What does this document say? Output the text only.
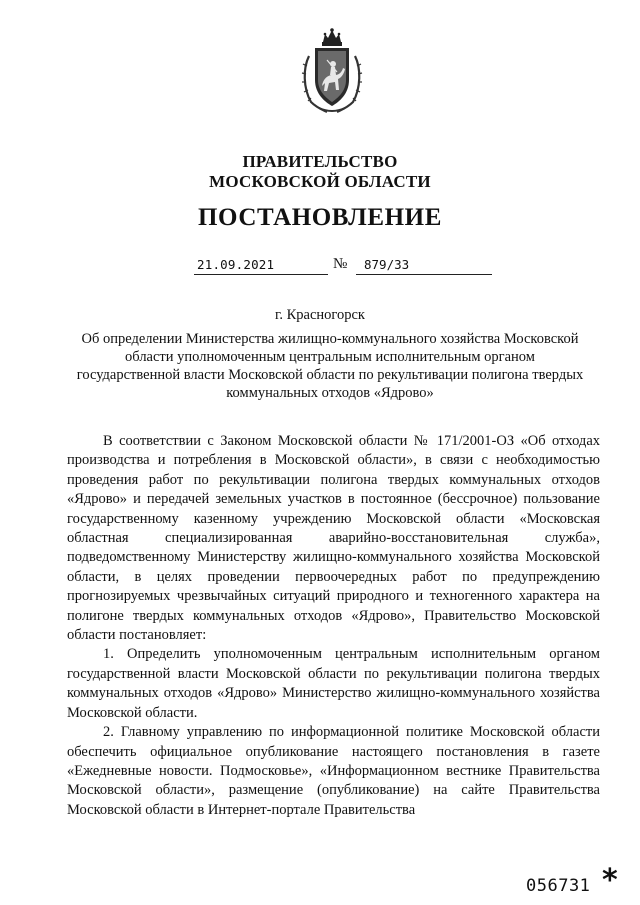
ПРАВИТЕЛЬСТВО
МОСКОВСКОЙ ОБЛАСТИ
ПОСТАНОВЛЕНИЕ
21.09.2021	№ 879/33
г. Красногорск
Об определении Министерства жилищно-коммунального хозяйства Московской
области уполномоченным центральным исполнительным органом
государственной власти Московской области по рекультивации полигона твердых
коммунальных отходов «Ядрово»

В соответствии с Законом Московской области № 171/2001-ОЗ «Об отходах производства и потребления в Московской области», в связи с необходимостью проведения работ по рекультивации полигона твердых коммунальных отходов «Ядрово» и передачей земельных участков в постоянное (бессрочное) пользование государственному казенному учреждению Московской области «Московская областная специализированная аварийно-восстановительная служба», подведомственному Министерству жилищно-коммунального хозяйства Московской области, в целях проведении первоочередных работ по предупреждению прогнозируемых чрезвычайных ситуаций природного и техногенного характера на полигоне твердых коммунальных отходов «Ядрово», Правительство Московской области постановляет:

1. Определить уполномоченным центральным исполнительным органом государственной власти Московской области по рекультивации полигона твердых коммунальных отходов «Ядрово» Министерство жилищно-коммунального хозяйства Московской области.

2. Главному управлению по информационной политике Московской области обеспечить официальное опубликование настоящего постановления в газете «Ежедневные новости. Подмосковье», «Информационном вестнике Правительства Московской области», размещение (опубликование) на сайте Правительства Московской области в Интернет-портале Правительства

056731 *
